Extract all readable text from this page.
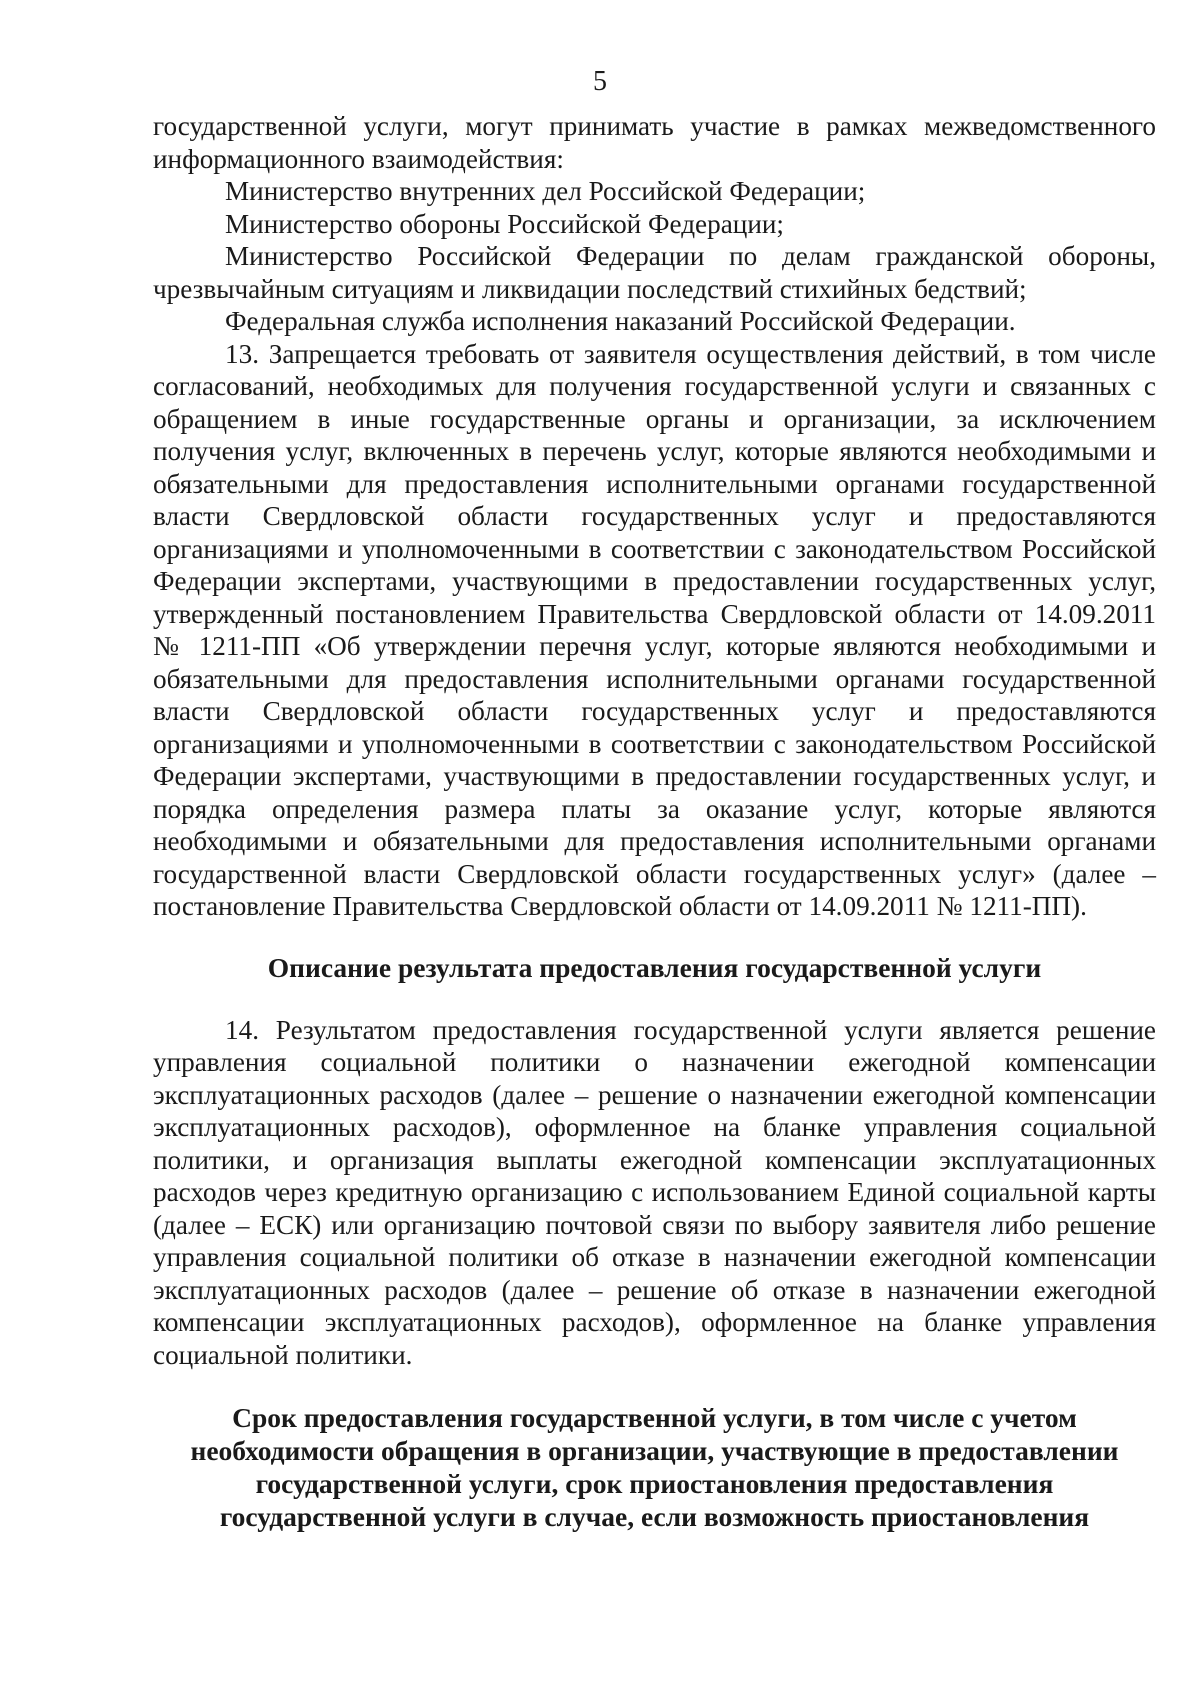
5

государственной услуги, могут принимать участие в рамках межведомственного информационного взаимодействия:

Министерство внутренних дел Российской Федерации;

Министерство обороны Российской Федерации;

Министерство Российской Федерации по делам гражданской обороны, чрезвычайным ситуациям и ликвидации последствий стихийных бедствий;

Федеральная служба исполнения наказаний Российской Федерации.

13. Запрещается требовать от заявителя осуществления действий, в том числе согласований, необходимых для получения государственной услуги и связанных с обращением в иные государственные органы и организации, за исключением получения услуг, включенных в перечень услуг, которые являются необходимыми и обязательными для предоставления исполнительными органами государственной власти Свердловской области государственных услуг и предоставляются организациями и уполномоченными в соответствии с законодательством Российской Федерации экспертами, участвующими в предоставлении государственных услуг, утвержденный постановлением Правительства Свердловской области от 14.09.2011 № 1211-ПП «Об утверждении перечня услуг, которые являются необходимыми и обязательными для предоставления исполнительными органами государственной власти Свердловской области государственных услуг и предоставляются организациями и уполномоченными в соответствии с законодательством Российской Федерации экспертами, участвующими в предоставлении государственных услуг, и порядка определения размера платы за оказание услуг, которые являются необходимыми и обязательными для предоставления исполнительными органами государственной власти Свердловской области государственных услуг» (далее – постановление Правительства Свердловской области от 14.09.2011 № 1211-ПП).

Описание результата предоставления государственной услуги

14. Результатом предоставления государственной услуги является решение управления социальной политики о назначении ежегодной компенсации эксплуатационных расходов (далее – решение о назначении ежегодной компенсации эксплуатационных расходов), оформленное на бланке управления социальной политики, и организация выплаты ежегодной компенсации эксплуатационных расходов через кредитную организацию с использованием Единой социальной карты (далее – ЕСК) или организацию почтовой связи по выбору заявителя либо решение управления социальной политики об отказе в назначении ежегодной компенсации эксплуатационных расходов (далее – решение об отказе в назначении ежегодной компенсации эксплуатационных расходов), оформленное на бланке управления социальной политики.

Срок предоставления государственной услуги, в том числе с учетом необходимости обращения в организации, участвующие в предоставлении государственной услуги, срок приостановления предоставления государственной услуги в случае, если возможность приостановления
